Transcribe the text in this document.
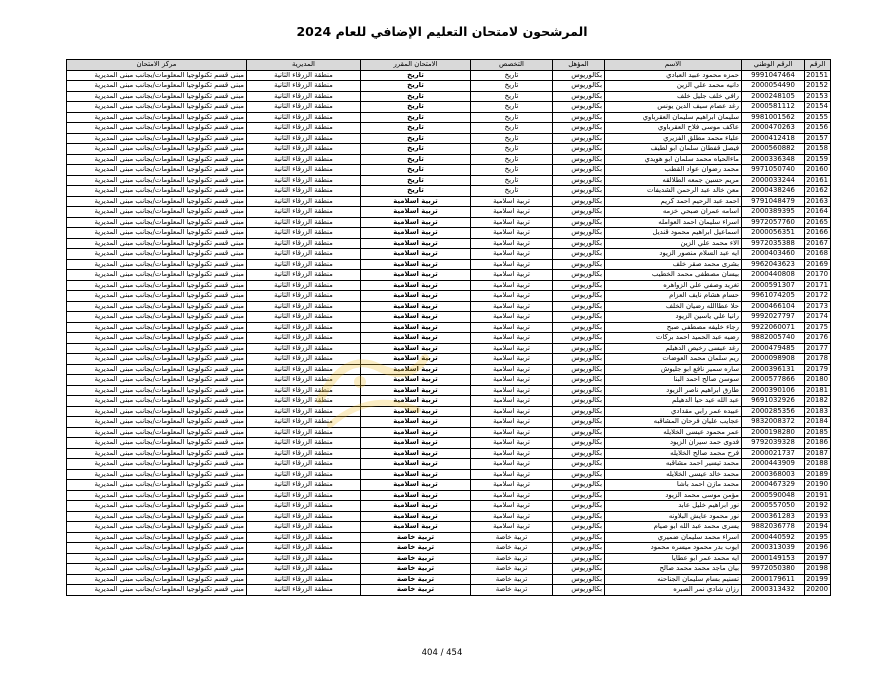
المرشحون لامتحان التعليم الإضافي للعام 2024
الرقم	الرقم الوطني	الاسم	المؤهل	التخصص	الامتحان المقرر	المديرية	مركز الامتحان
20151	9991047464	حمزه محمود عبيد العبادي	بكالوريوس	تاريخ	تاريخ	منطقة الزرقاء الثانية	مبنى قسم تكنولوجيا المعلومات/بجانب مبنى المديرية
20152	2000054490	دانيه محمد علي الزين	بكالوريوس	تاريخ	تاريخ	منطقة الزرقاء الثانية	مبنى قسم تكنولوجيا المعلومات/بجانب مبنى المديرية
20153	2000248105	رافي خلف جليل خلف	بكالوريوس	تاريخ	تاريخ	منطقة الزرقاء الثانية	مبنى قسم تكنولوجيا المعلومات/بجانب مبنى المديرية
20154	2000581112	رغد عصام سيف الدين يونس	بكالوريوس	تاريخ	تاريخ	منطقة الزرقاء الثانية	مبنى قسم تكنولوجيا المعلومات/بجانب مبنى المديرية
20155	9981001562	سليمان ابراهيم سليمان العقرباوي	بكالوريوس	تاريخ	تاريخ	منطقة الزرقاء الثانية	مبنى قسم تكنولوجيا المعلومات/بجانب مبنى المديرية
20156	2000470263	عاكف موسى فلاح العقرباوي	بكالوريوس	تاريخ	تاريخ	منطقة الزرقاء الثانية	مبنى قسم تكنولوجيا المعلومات/بجانب مبنى المديرية
20157	2000412418	علياء محمد مطلق الفزيري	بكالوريوس	تاريخ	تاريخ	منطقة الزرقاء الثانية	مبنى قسم تكنولوجيا المعلومات/بجانب مبنى المديرية
20158	2000560882	فيصل قفطان سلمان ابو لطيف	بكالوريوس	تاريخ	تاريخ	منطقة الزرقاء الثانية	مبنى قسم تكنولوجيا المعلومات/بجانب مبنى المديرية
20159	2000336348	ماءالحياه محمد سلمان ابو هويدي	بكالوريوس	تاريخ	تاريخ	منطقة الزرقاء الثانية	مبنى قسم تكنولوجيا المعلومات/بجانب مبنى المديرية
20160	9971050740	محمد رضوان عواد القطب	بكالوريوس	تاريخ	تاريخ	منطقة الزرقاء الثانية	مبنى قسم تكنولوجيا المعلومات/بجانب مبنى المديرية
20161	2000033244	مريم حسين جمعه الطلالقه	بكالوريوس	تاريخ	تاريخ	منطقة الزرقاء الثانية	مبنى قسم تكنولوجيا المعلومات/بجانب مبنى المديرية
20162	2000438246	معن خالد عبد الرحمن الشديفات	بكالوريوس	تاريخ	تاريخ	منطقة الزرقاء الثانية	مبنى قسم تكنولوجيا المعلومات/بجانب مبنى المديرية
20163	9791048479	احمد عبد الرحيم احمد كريم	بكالوريوس	تربية اسلامية	تربية اسلامية	منطقة الزرقاء الثانية	مبنى قسم تكنولوجيا المعلومات/بجانب مبنى المديرية
20164	2000389395	اسامه عمران صبحي خزمه	بكالوريوس	تربية اسلامية	تربية اسلامية	منطقة الزرقاء الثانية	مبنى قسم تكنولوجيا المعلومات/بجانب مبنى المديرية
20165	9972057760	اسراء سليمان احمد العوامله	بكالوريوس	تربية اسلامية	تربية اسلامية	منطقة الزرقاء الثانية	مبنى قسم تكنولوجيا المعلومات/بجانب مبنى المديرية
20166	2000056351	اسماعيل ابراهيم محمود قنديل	بكالوريوس	تربية اسلامية	تربية اسلامية	منطقة الزرقاء الثانية	مبنى قسم تكنولوجيا المعلومات/بجانب مبنى المديرية
20167	9972035388	الاء محمد علي الزين	بكالوريوس	تربية اسلامية	تربية اسلامية	منطقة الزرقاء الثانية	مبنى قسم تكنولوجيا المعلومات/بجانب مبنى المديرية
20168	2000403460	ايه عبد السلام منصور الزيود	بكالوريوس	تربية اسلامية	تربية اسلامية	منطقة الزرقاء الثانية	مبنى قسم تكنولوجيا المعلومات/بجانب مبنى المديرية
20169	9962043623	بشرى محمد صقر خلف	بكالوريوس	تربية اسلامية	تربية اسلامية	منطقة الزرقاء الثانية	مبنى قسم تكنولوجيا المعلومات/بجانب مبنى المديرية
20170	2000440808	بيسان مصطفى محمد الخطيب	بكالوريوس	تربية اسلامية	تربية اسلامية	منطقة الزرقاء الثانية	مبنى قسم تكنولوجيا المعلومات/بجانب مبنى المديرية
20171	2000591307	تغريد وصفي علي الزواهره	بكالوريوس	تربية اسلامية	تربية اسلامية	منطقة الزرقاء الثانية	مبنى قسم تكنولوجيا المعلومات/بجانب مبنى المديرية
20172	9961074205	حسام هشام نايف العزام	بكالوريوس	تربية اسلامية	تربية اسلامية	منطقة الزرقاء الثانية	مبنى قسم تكنولوجيا المعلومات/بجانب مبنى المديرية
20173	2000466104	حلا عطاالله رضيان الخلف	بكالوريوس	تربية اسلامية	تربية اسلامية	منطقة الزرقاء الثانية	مبنى قسم تكنولوجيا المعلومات/بجانب مبنى المديرية
20174	9992027797	رانيا علي ياسين الزيود	بكالوريوس	تربية اسلامية	تربية اسلامية	منطقة الزرقاء الثانية	مبنى قسم تكنولوجيا المعلومات/بجانب مبنى المديرية
20175	9922060071	رجاء خليفه مصطفى صبح	بكالوريوس	تربية اسلامية	تربية اسلامية	منطقة الزرقاء الثانية	مبنى قسم تكنولوجيا المعلومات/بجانب مبنى المديرية
20176	9882005740	رضيه عبد الحميد احمد بركات	بكالوريوس	تربية اسلامية	تربية اسلامية	منطقة الزرقاء الثانية	مبنى قسم تكنولوجيا المعلومات/بجانب مبنى المديرية
20177	2000479485	رغد عيسى رخيص الدهيلم	بكالوريوس	تربية اسلامية	تربية اسلامية	منطقة الزرقاء الثانية	مبنى قسم تكنولوجيا المعلومات/بجانب مبنى المديرية
20178	2000098908	ريم سلمان محمد العوضات	بكالوريوس	تربية اسلامية	تربية اسلامية	منطقة الزرقاء الثانية	مبنى قسم تكنولوجيا المعلومات/بجانب مبنى المديرية
20179	2000396131	ساره سمير نافع ابو جليوش	بكالوريوس	تربية اسلامية	تربية اسلامية	منطقة الزرقاء الثانية	مبنى قسم تكنولوجيا المعلومات/بجانب مبنى المديرية
20180	2000577866	سوسن صالح احمد البنا	بكالوريوس	تربية اسلامية	تربية اسلامية	منطقة الزرقاء الثانية	مبنى قسم تكنولوجيا المعلومات/بجانب مبنى المديرية
20181	2000390106	طارق ابراهيم ناصر الزيود	بكالوريوس	تربية اسلامية	تربية اسلامية	منطقة الزرقاء الثانية	مبنى قسم تكنولوجيا المعلومات/بجانب مبنى المديرية
20182	9691032926	عبد الله عيد حيا الدهيلم	بكالوريوس	تربية اسلامية	تربية اسلامية	منطقة الزرقاء الثانية	مبنى قسم تكنولوجيا المعلومات/بجانب مبنى المديرية
20183	2000285356	عبيده عمر رابي مقدادي	بكالوريوس	تربية اسلامية	تربية اسلامية	منطقة الزرقاء الثانية	مبنى قسم تكنولوجيا المعلومات/بجانب مبنى المديرية
20184	9832008372	عجايب عليان فرحان المشاقبه	بكالوريوس	تربية اسلامية	تربية اسلامية	منطقة الزرقاء الثانية	مبنى قسم تكنولوجيا المعلومات/بجانب مبنى المديرية
20185	2000198280	عمر محمود عيسى الخلايله	بكالوريوس	تربية اسلامية	تربية اسلامية	منطقة الزرقاء الثانية	مبنى قسم تكنولوجيا المعلومات/بجانب مبنى المديرية
20186	9792039328	فدوى حمد سيران الزيود	بكالوريوس	تربية اسلامية	تربية اسلامية	منطقة الزرقاء الثانية	مبنى قسم تكنولوجيا المعلومات/بجانب مبنى المديرية
20187	2000021737	فرح محمد صالح الخلايله	بكالوريوس	تربية اسلامية	تربية اسلامية	منطقة الزرقاء الثانية	مبنى قسم تكنولوجيا المعلومات/بجانب مبنى المديرية
20188	2000443909	محمد تيسير احمد مشاقبه	بكالوريوس	تربية اسلامية	تربية اسلامية	منطقة الزرقاء الثانية	مبنى قسم تكنولوجيا المعلومات/بجانب مبنى المديرية
20189	2000368003	محمد خالد عيسى الخلايله	بكالوريوس	تربية اسلامية	تربية اسلامية	منطقة الزرقاء الثانية	مبنى قسم تكنولوجيا المعلومات/بجانب مبنى المديرية
20190	2000467329	محمد مازن احمد باشا	بكالوريوس	تربية اسلامية	تربية اسلامية	منطقة الزرقاء الثانية	مبنى قسم تكنولوجيا المعلومات/بجانب مبنى المديرية
20191	2000590048	مؤمن موسى محمد الزيود	بكالوريوس	تربية اسلامية	تربية اسلامية	منطقة الزرقاء الثانية	مبنى قسم تكنولوجيا المعلومات/بجانب مبنى المديرية
20192	2000557050	نور ابراهيم خليل عابد	بكالوريوس	تربية اسلامية	تربية اسلامية	منطقة الزرقاء الثانية	مبنى قسم تكنولوجيا المعلومات/بجانب مبنى المديرية
20193	2000361283	نور محمود عايش البلاونه	بكالوريوس	تربية اسلامية	تربية اسلامية	منطقة الزرقاء الثانية	مبنى قسم تكنولوجيا المعلومات/بجانب مبنى المديرية
20194	9882036778	يسرى محمد عبد الله ابو صيام	بكالوريوس	تربية اسلامية	تربية اسلامية	منطقة الزرقاء الثانية	مبنى قسم تكنولوجيا المعلومات/بجانب مبنى المديرية
20195	2000440592	اسراء محمد سليمان ضميري	بكالوريوس	تربية خاصة	تربية خاصة	منطقة الزرقاء الثانية	مبنى قسم تكنولوجيا المعلومات/بجانب مبنى المديرية
20196	2000313039	ايوب بدر محمود ميسره محمود	بكالوريوس	تربية خاصة	تربية خاصة	منطقة الزرقاء الثانية	مبنى قسم تكنولوجيا المعلومات/بجانب مبنى المديرية
20197	2000149153	ايه محمد عمر ابو عطايا	بكالوريوس	تربية خاصة	تربية خاصة	منطقة الزرقاء الثانية	مبنى قسم تكنولوجيا المعلومات/بجانب مبنى المديرية
20198	9972050380	بيان ماجد محمد محمد صالح	بكالوريوس	تربية خاصة	تربية خاصة	منطقة الزرقاء الثانية	مبنى قسم تكنولوجيا المعلومات/بجانب مبنى المديرية
20199	2000179611	تسنيم بسام سليمان الجناحنه	بكالوريوس	تربية خاصة	تربية خاصة	منطقة الزرقاء الثانية	مبنى قسم تكنولوجيا المعلومات/بجانب مبنى المديرية
20200	2000313432	رزان شادي نمر الصبره	بكالوريوس	تربية خاصة	تربية خاصة	منطقة الزرقاء الثانية	مبنى قسم تكنولوجيا المعلومات/بجانب مبنى المديرية
404 / 454
